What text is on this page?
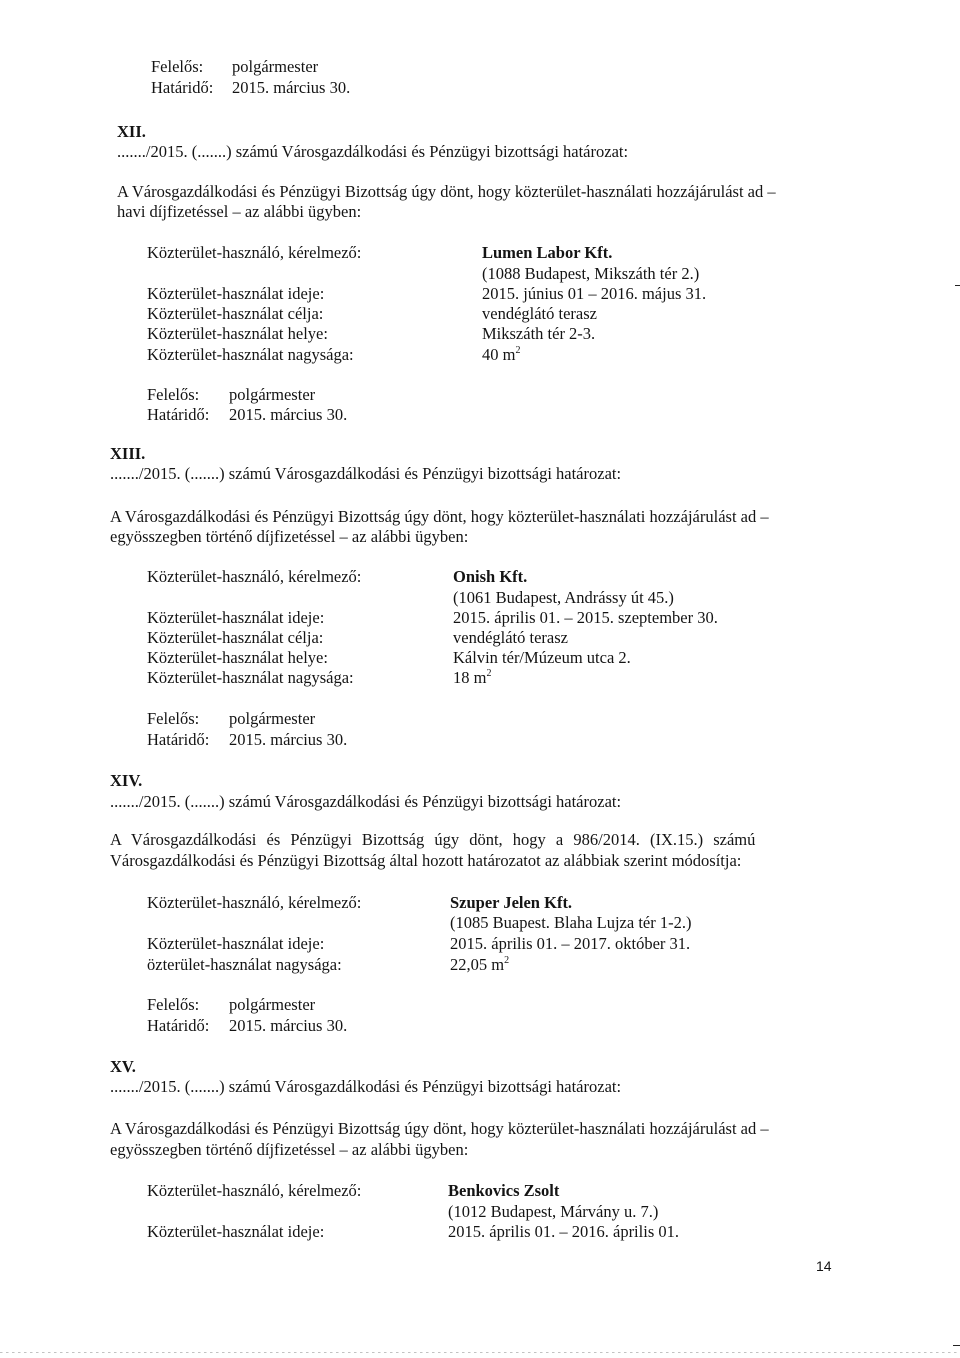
Felelős: polgármester
Határidő: 2015. március 30.
XII.
......./2015. (.......) számú Városgazdálkodási és Pénzügyi bizottsági határozat:
A Városgazdálkodási és Pénzügyi Bizottság úgy dönt, hogy közterület-használati hozzájárulást ad –
havi díjfizetéssel – az alábbi ügyben:
Közterület-használó, kérelmező:	Lumen Labor Kft.
(1088 Budapest, Mikszáth tér 2.)
Közterület-használat ideje:	2015. június 01 – 2016. május 31.
Közterület-használat célja:	vendéglátó terasz
Közterület-használat helye:	Mikszáth tér 2-3.
Közterület-használat nagysága:	40 $m^2$
Felelős: polgármester
Határidő: 2015. március 30.
XIII.
......./2015. (.......) számú Városgazdálkodási és Pénzügyi bizottsági határozat:
A Városgazdálkodási és Pénzügyi Bizottság úgy dönt, hogy közterület-használati hozzájárulást ad –
egyösszegben történő díjfizetéssel – az alábbi ügyben:
Közterület-használó, kérelmező:	Onish Kft.
(1061 Budapest, Andrássy út 45.)
Közterület-használat ideje:	2015. április 01. – 2015. szeptember 30.
Közterület-használat célja:	vendéglátó terasz
Közterület-használat helye:	Kálvin tér/Múzeum utca 2.
Közterület-használat nagysága:	18 $m^2$
Felelős: polgármester
Határidő: 2015. március 30.
XIV.
......./2015. (.......) számú Városgazdálkodási és Pénzügyi bizottsági határozat:
A Városgazdálkodási és Pénzügyi Bizottság úgy dönt, hogy a 986/2014. (IX.15.) számú
Városgazdálkodási és Pénzügyi Bizottság által hozott határozatot az alábbiak szerint módosítja:
Közterület-használó, kérelmező:	Szuper Jelen Kft.
(1085 Buapest. Blaha Lujza tér 1-2.)
Közterület-használat ideje:	2015. április 01. – 2017. október 31.
özterület-használat nagysága:	22,05 $m^2$
Felelős: polgármester
Határidő: 2015. március 30.
XV.
......./2015. (.......) számú Városgazdálkodási és Pénzügyi bizottsági határozat:
A Városgazdálkodási és Pénzügyi Bizottság úgy dönt, hogy közterület-használati hozzájárulást ad –
egyösszegben történő díjfizetéssel – az alábbi ügyben:
Közterület-használó, kérelmező:	Benkovics Zsolt
(1012 Budapest, Márvány u. 7.)
Közterület-használat ideje:	2015. április 01. – 2016. április 01.
14
